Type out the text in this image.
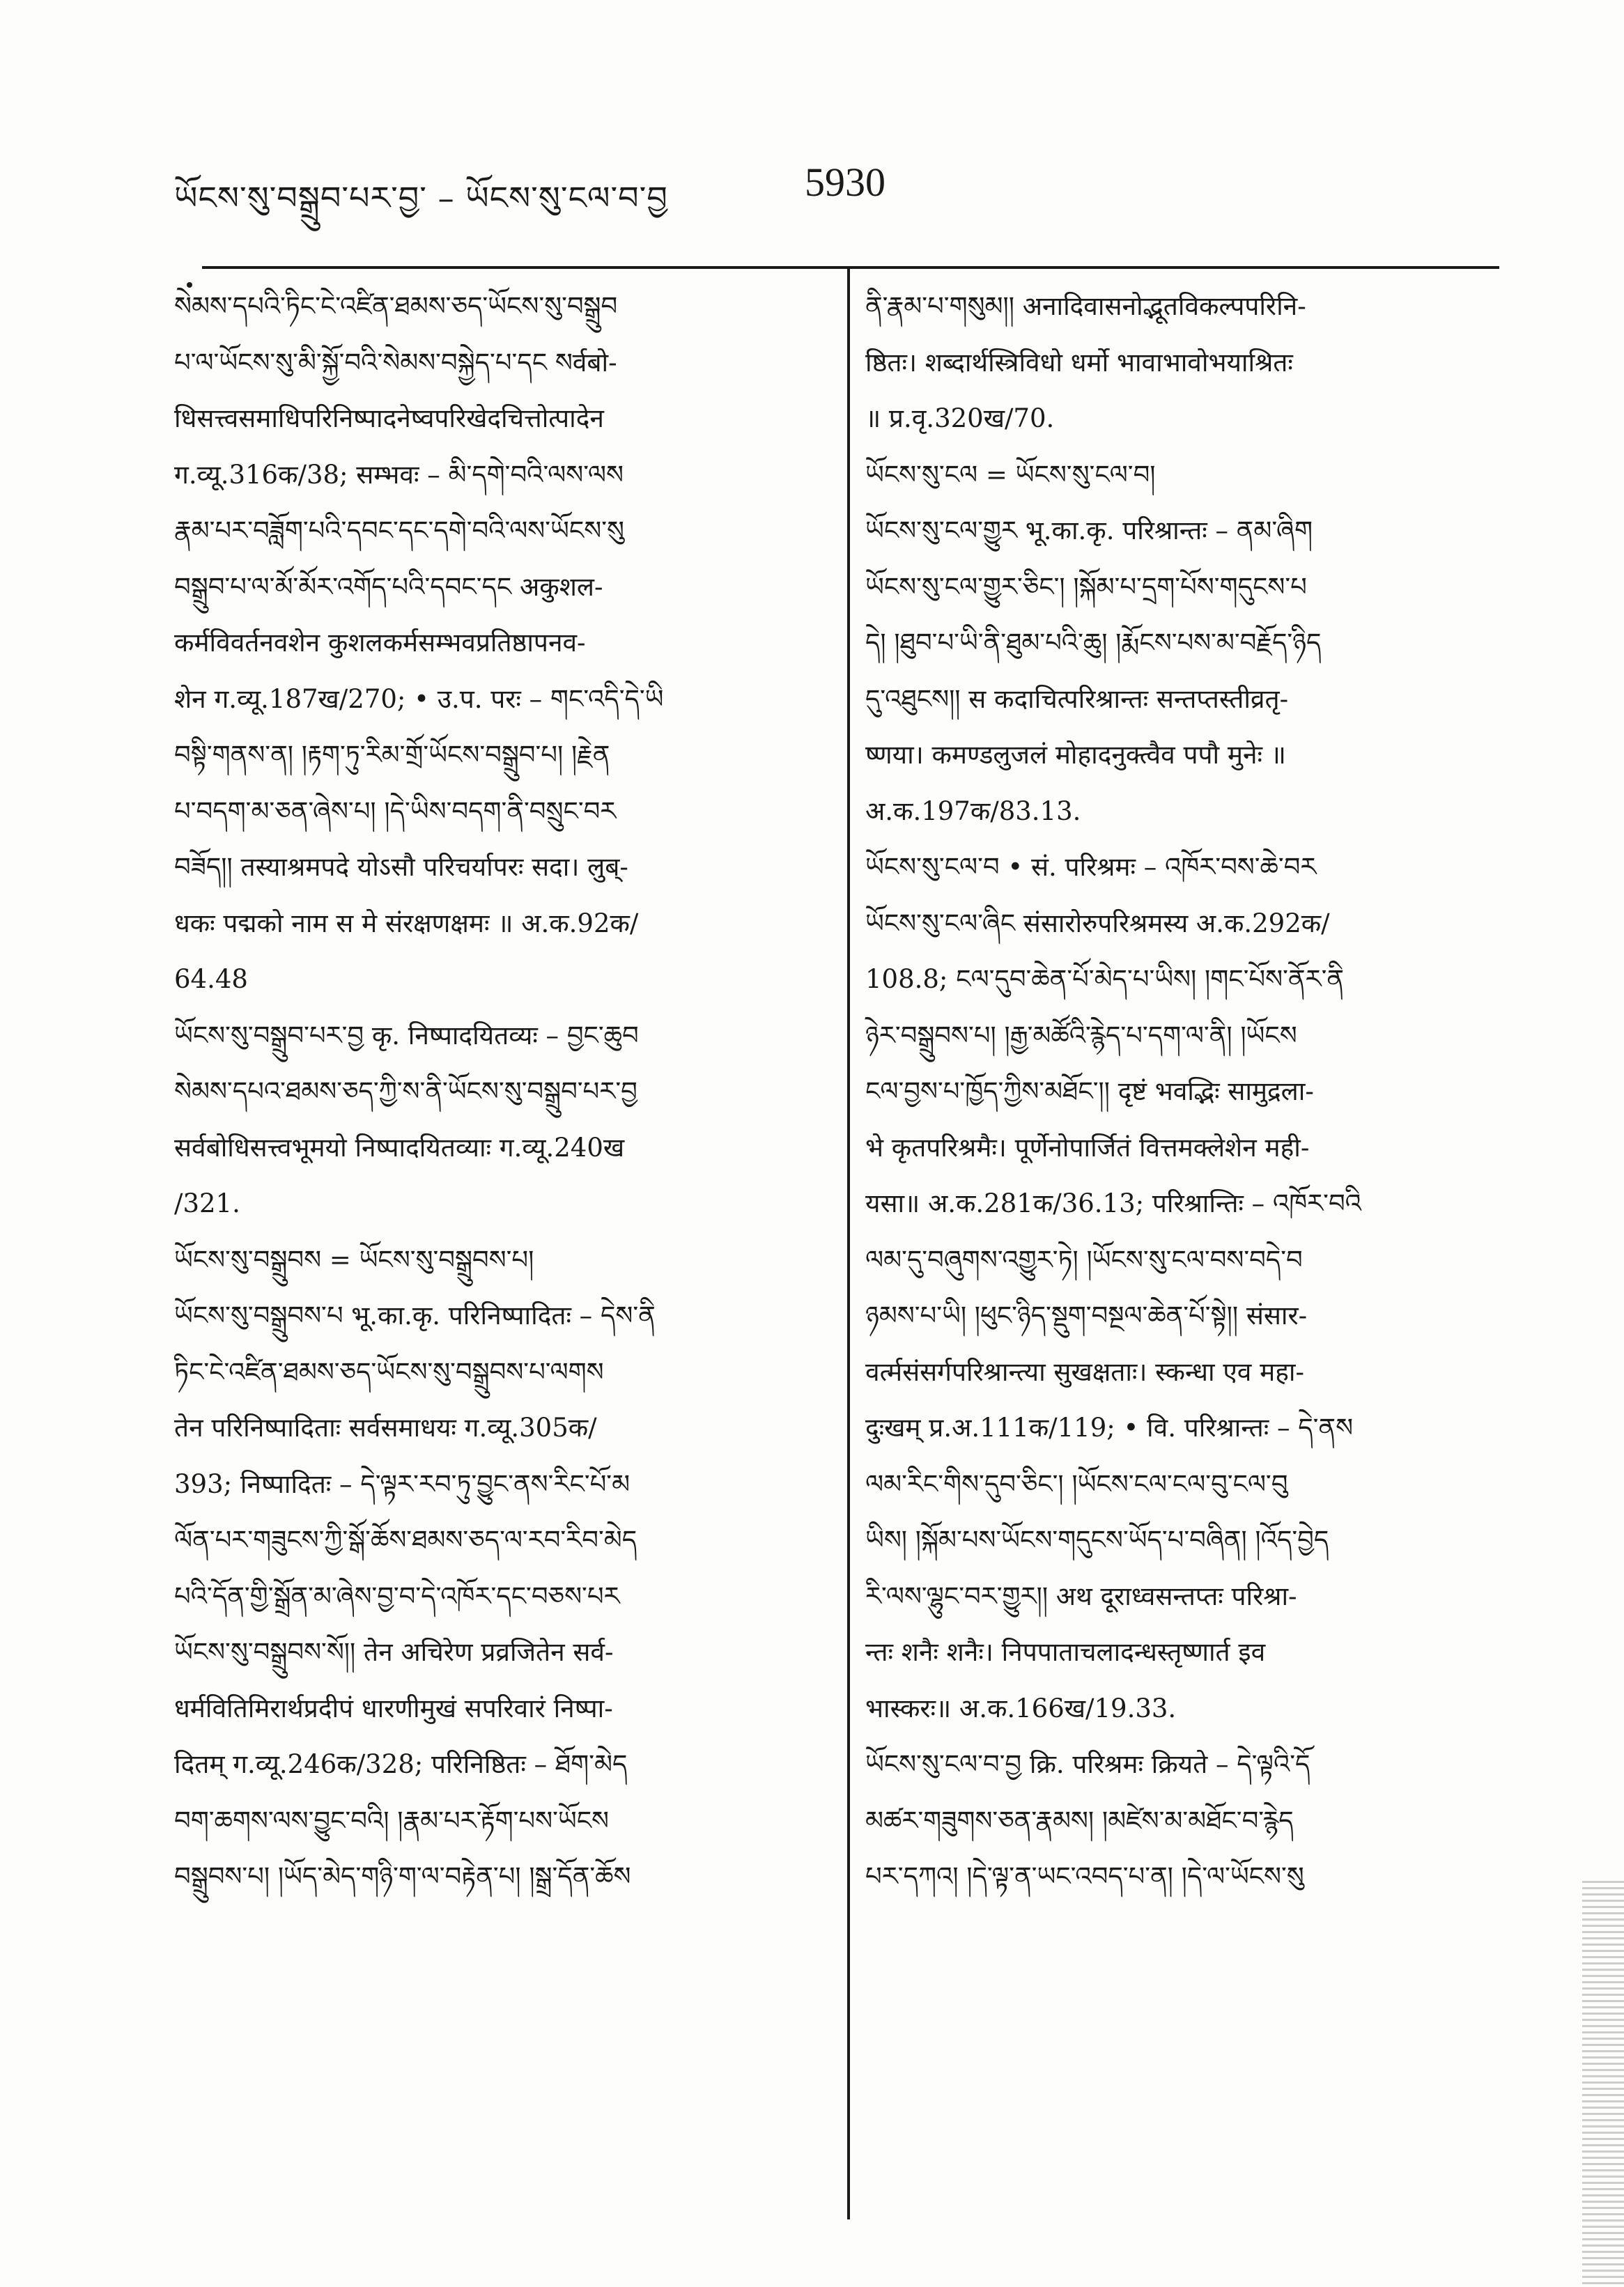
ཡོངས་སུ་བསྒྲུབ་པར་བྱ་ – ཡོངས་སུ་ངལ་བ་བྱ	5930

སེམས་དཔའི་ཏིང་ངེ་འཛིན་ཐམས་ཅད་ཡོངས་སུ་བསྒྲུབ

པ་ལ་ཡོངས་སུ་མི་སྐྱོ་བའི་སེམས་བསྐྱེད་པ་དང སर्वबो-

धिसत्त्वसमाधिपरिनिष्पादनेष्वपरिखेदचित्तोत्पादेन

ग.व्यू.316क/38; सम्भवः – མི་དགེ་བའི་ལས་ལས

རྣམ་པར་བཟློག་པའི་དབང་དང་དགེ་བའི་ལས་ཡོངས་སུ

བསྒྲུབ་པ་ལ་མོ་མོར་འགོད་པའི་དབང་དང अकुशल-

कर्मविवर्तनवशेन कुशलकर्मसम्भवप्रतिष्ठापनव-

शेन ग.व्यू.187ख/270; • उ.प. परः – གང་འདི་དེ་ཡི

བསྟི་གནས་ན། །རྟག་ཏུ་རིམ་གྲོ་ཡོངས་བསྒྲུབ་པ། །རྗེན

པ་བདག་མ་ཅན་ཞེས་པ། །དེ་ཡིས་བདག་ནི་བསྲུང་བར

བཟོད།། तस्याश्रमपदे योऽसौ परिचर्यापरः सदा। लुब्-

धकः पद्मको नाम स मे संरक्षणक्षमः ॥ अ.क.92क/

64.48

ཡོངས་སུ་བསྒྲུབ་པར་བྱ कृ. निष्पादयितव्यः – བྱང་ཆུབ

སེམས་དཔའ་ཐམས་ཅད་ཀྱི་ས་ནི་ཡོངས་སུ་བསྒྲུབ་པར་བྱ

सर्वबोधिसत्त्वभूमयो निष्पादयितव्याः ग.व्यू.240ख

/321.

ཡོངས་སུ་བསྒྲུབས = ཡོངས་སུ་བསྒྲུབས་པ།

ཡོངས་སུ་བསྒྲུབས་པ भू.का.कृ. परिनिष्पादितः – དེས་ནི

ཏིང་ངེ་འཛིན་ཐམས་ཅད་ཡོངས་སུ་བསྒྲུབས་པ་ལགས

तेन परिनिष्पादिताः सर्वसमाधयः ग.व्यू.305क/

393; निष्पादितः – དེ་ལྟར་རབ་ཏུ་བྱུང་ནས་རིང་པོ་མ

ལོན་པར་གཟུངས་ཀྱི་སྒོ་ཆོས་ཐམས་ཅད་ལ་རབ་རིབ་མེད

པའི་དོན་གྱི་སྒྲོན་མ་ཞེས་བྱ་བ་དེ་འཁོར་དང་བཅས་པར

ཡོངས་སུ་བསྒྲུབས་སོ།། तेन अचिरेण प्रव्रजितेन सर्व-

धर्मवितिमिरार्थप्रदीपं धारणीमुखं सपरिवारं निष्पा-

दितम् ग.व्यू.246क/328; परिनिष्ठितः – ཐོག་མེད

བག་ཆགས་ལས་བྱུང་བའི། །རྣམ་པར་རྟོག་པས་ཡོངས

བསྒྲུབས་པ། །ཡོད་མེད་གཉི་ག་ལ་བརྟེན་པ། །སྒྲ་དོན་ཆོས

ནི་རྣམ་པ་གསུམ།། अनादिवासनोद्भूतविकल्पपरिनि-

ष्ठितः। शब्दार्थस्त्रिविधो धर्मो भावाभावोभयाश्रितः

॥ प्र.वृ.320ख/70.

ཡོངས་སུ་ངལ = ཡོངས་སུ་ངལ་བ།

ཡོངས་སུ་ངལ་གྱུར भू.का.कृ. परिश्रान्तः – ནམ་ཞིག

ཡོངས་སུ་ངལ་གྱུར་ཅིང་། །སྐོམ་པ་དྲག་པོས་གདུངས་པ

དེ། །ཐུབ་པ་ཡི་ནི་ཐུམ་པའི་ཆུ། །རྨོངས་པས་མ་བརྗོད་ཉིད

དུ་འཐུངས།། स कदाचित्परिश्रान्तः सन्तप्तस्तीव्रतृ-

ष्णया। कमण्डलुजलं मोहादनुक्त्वैव पपौ मुनेः ॥

अ.क.197क/83.13.

ཡོངས་སུ་ངལ་བ • सं. परिश्रमः – འཁོར་བས་ཆེ་བར

ཡོངས་སུ་ངལ་ཞིང संसारोरुपरिश्रमस्य अ.क.292क/

108.8; ངལ་དུབ་ཆེན་པོ་མེད་པ་ཡིས། །གང་པོས་ནོར་ནི

ཉེར་བསྒྲུབས་པ། །རྒྱ་མཚོའི་རྙེད་པ་དག་ལ་ནི། །ཡོངས

ངལ་བྱས་པ་ཁྱོད་ཀྱིས་མཐོང་།། दृष्टं भवद्भिः सामुद्रला-

भे कृतपरिश्रमैः। पूर्णेनोपार्जितं वित्तमक्लेशेन मही-

यसा॥ अ.क.281क/36.13; परिश्रान्तिः – འཁོར་བའི

ལམ་དུ་བཞུགས་འགྱུར་ཏེ། །ཡོངས་སུ་ངལ་བས་བདེ་བ

ཉམས་པ་ཡི། །ཕུང་ཉིད་སྡུག་བསྔལ་ཆེན་པོ་སྟེ།། संसार-

वर्त्मसंसर्गपरिश्रान्त्या सुखक्षताः। स्कन्धा एव महा-

दुःखम् प्र.अ.111क/119; • वि. परिश्रान्तः – དེ་ནས

ལམ་རིང་གིས་དུབ་ཅིང་། །ཡོངས་ངལ་ངལ་བུ་ངལ་བུ

ཡིས། །སྐོམ་པས་ཡོངས་གདུངས་ཡོད་པ་བཞིན། །འོད་བྱེད

རི་ལས་ལྷུང་བར་གྱུར།། अथ दूराध्वसन्तप्तः परिश्रा-

न्तः शनैः शनैः। निपपाताचलादन्धस्तृष्णार्त इव

भास्करः॥ अ.क.166ख/19.33.

ཡོངས་སུ་ངལ་བ་བྱ क्रि. परिश्रमः क्रियते – དེ་ལྟའི་དོ

མཚར་གཟུགས་ཅན་རྣམས། །མཛེས་མ་མཐོང་བ་རྙེད

པར་དཀའ། །དེ་ལྟ་ན་ཡང་འབད་པ་ན། །དེ་ལ་ཡོངས་སུ
